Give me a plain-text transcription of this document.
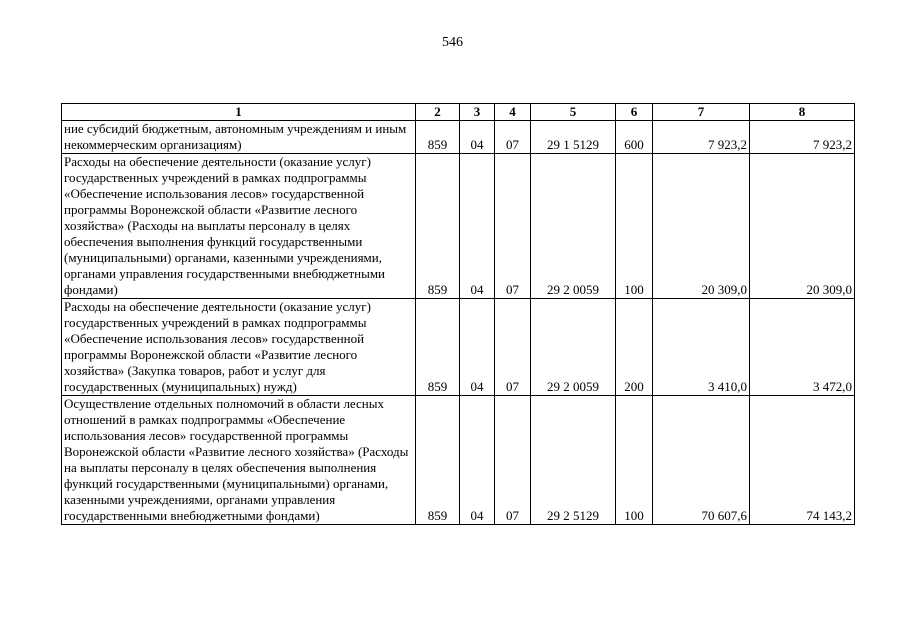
546
1	2	3	4	5	6	7	8
ние субсидий бюджетным, автономным учреждениям и иным некоммерческим организациям)	859	04	07	29 1 5129	600	7 923,2	7 923,2
Расходы на обеспечение деятельности (оказание услуг) государственных учреждений в рамках подпрограммы «Обеспечение использования лесов» государственной программы Воронежской области «Развитие лесного хозяйства» (Расходы на выплаты персоналу в целях обеспечения выполнения функций государственными (муниципальными) органами, казенными учреждениями, органами управления государственными внебюджетными фондами)	859	04	07	29 2 0059	100	20 309,0	20 309,0
Расходы на обеспечение деятельности (оказание услуг) государственных учреждений в рамках подпрограммы «Обеспечение использования лесов» государственной программы Воронежской области «Развитие лесного хозяйства» (Закупка товаров, работ и услуг для государственных (муниципальных) нужд)	859	04	07	29 2 0059	200	3 410,0	3 472,0
Осуществление отдельных полномочий в области лесных отношений в рамках подпрограммы «Обеспечение использования лесов» государственной программы Воронежской области «Развитие лесного хозяйства» (Расходы на выплаты персоналу в целях обеспечения выполнения функций государственными (муниципальными) органами, казенными учреждениями, органами управления государственными внебюджетными фондами)	859	04	07	29 2 5129	100	70 607,6	74 143,2
